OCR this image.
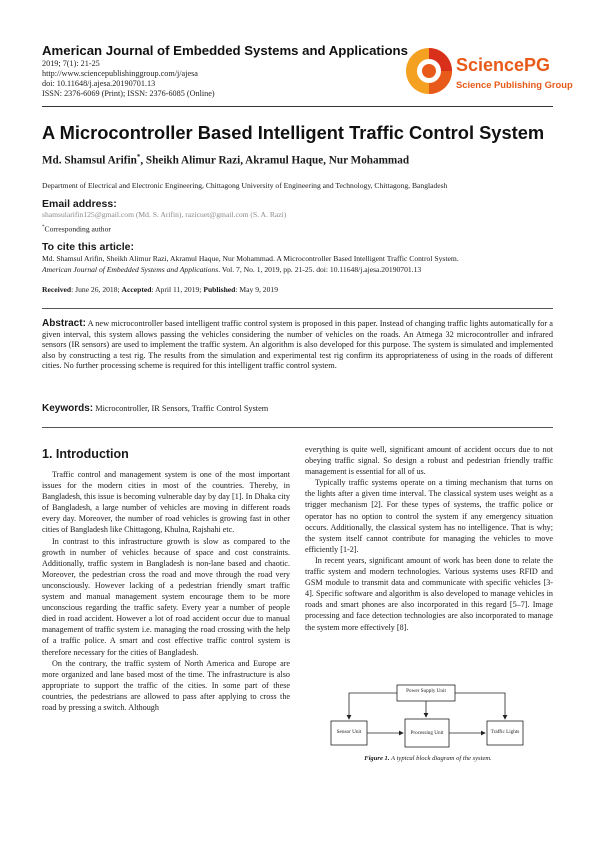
American Journal of Embedded Systems and Applications
2019; 7(1): 21-25
http://www.sciencepublishinggroup.com/j/ajesa
doi: 10.11648/j.ajesa.20190701.13
ISSN: 2376-6069 (Print); ISSN: 2376-6085 (Online)
SciencePG
Science Publishing Group
A Microcontroller Based Intelligent Traffic Control System
Md. Shamsul Arifin*, Sheikh Alimur Razi, Akramul Haque, Nur Mohammad
Department of Electrical and Electronic Engineering, Chittagong University of Engineering and Technology, Chittagong, Bangladesh
Email address:
shamsularifin125@gmail.com (Md. S. Arifin), razicuet@gmail.com (S. A. Razi)
*Corresponding author
To cite this article:
Md. Shamsul Arifin, Sheikh Alimur Razi, Akramul Haque, Nur Mohammad. A Microcontroller Based Intelligent Traffic Control System.
American Journal of Embedded Systems and Applications. Vol. 7, No. 1, 2019, pp. 21-25. doi: 10.11648/j.ajesa.20190701.13
Received: June 26, 2018; Accepted: April 11, 2019; Published: May 9, 2019
Abstract: A new microcontroller based intelligent traffic control system is proposed in this paper. Instead of changing traffic lights automatically for a given interval, this system allows passing the vehicles considering the number of vehicles on the roads. An Atmega 32 microcontroller and infrared sensors (IR sensors) are used to implement the traffic system. An algorithm is also developed for this purpose. The system is simulated and implemented also by constructing a test rig. The results from the simulation and experimental test rig confirm its appropriateness of using in the roads of different cities. No further processing scheme is required for this intelligent traffic control system.
Keywords: Microcontroller, IR Sensors, Traffic Control System
1. Introduction

Traffic control and management system is one of the most important issues for the modern cities in most of the countries. Thereby, in Bangladesh, this issue is becoming vulnerable day by day [1]. In Dhaka city of Bangladesh, a large number of vehicles are moving in different roads every day. Moreover, the number of road vehicles is growing fast in other cities of Bangladesh like Chittagong, Khulna, Rajshahi etc.

In contrast to this infrastructure growth is slow as compared to the growth in number of vehicles because of space and cost constraints. Additionally, traffic system in Bangladesh is non-lane based and chaotic. Moreover, the pedestrian cross the road and move through the road very unconsciously. However lacking of a pedestrian friendly smart traffic system and manual management system encourage them to be more unconscious regarding the traffic safety. Every year a number of people died in road accident. However a lot of road accident occur due to manual management of traffic system i.e. managing the road crossing with the help of a traffic police. A smart and cost effective traffic control system is therefore necessary for the cities of Bangladesh.

On the contrary, the traffic system of North America and Europe are more organized and lane based most of the time. The infrastructure is also appropriate to support the traffic of the cities. In some part of these countries, the pedestrians are allowed to pass after applying to cross the road by pressing a switch. Although

everything is quite well, significant amount of accident occurs due to not obeying traffic signal. So design a robust and pedestrian friendly traffic management is essential for all of us.

Typically traffic systems operate on a timing mechanism that turns on the lights after a given time interval. The classical system uses weight as a trigger mechanism [2]. For these types of systems, the traffic police or operator has no option to control the system if any emergency situation occurs. Additionally, the classical system has no intelligence. That is why; the system itself cannot contribute for managing the vehicles to move efficiently [1-2].

In recent years, significant amount of work has been done to relate the traffic system and modern technologies. Various systems uses RFID and GSM module to transmit data and communicate with specific vehicles [3-4]. Specific software and algorithm is also developed to manage vehicles in roads and smart phones are also incorporated in this regard [5–7]. Image processing and face detection technologies are also incorporated to manage the system more effectively [8].

Power Supply Unit
Sensor Unit	Processing Unit	Traffic Lights
Figure 1. A typical block diagram of the system.
